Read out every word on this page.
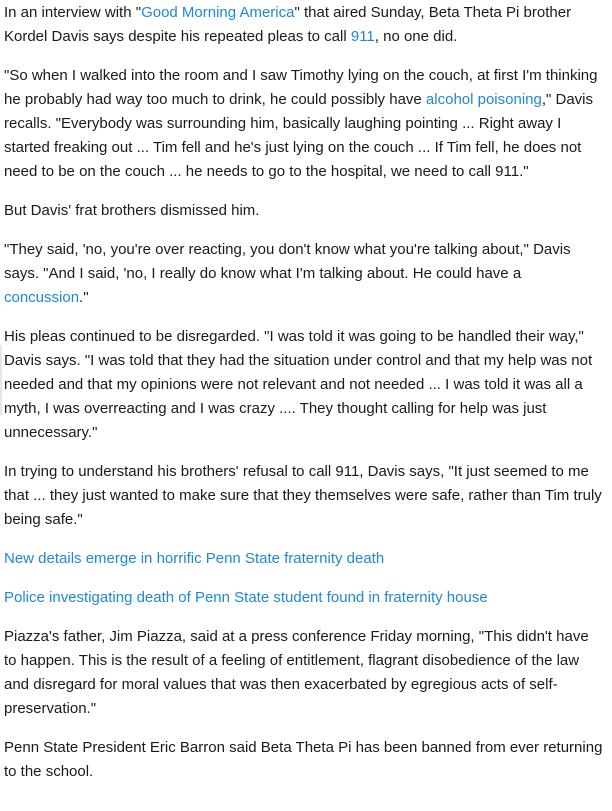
In an interview with "Good Morning America" that aired Sunday, Beta Theta Pi brother Kordel Davis says despite his repeated pleas to call 911, no one did.

"So when I walked into the room and I saw Timothy lying on the couch, at first I'm thinking he probably had way too much to drink, he could possibly have alcohol poisoning," Davis recalls. "Everybody was surrounding him, basically laughing pointing ... Right away I started freaking out ... Tim fell and he's just lying on the couch ... If Tim fell, he does not need to be on the couch ... he needs to go to the hospital, we need to call 911."

But Davis' frat brothers dismissed him.

"They said, 'no, you're over reacting, you don't know what you're talking about," Davis says. "And I said, 'no, I really do know what I'm talking about. He could have a concussion."

His pleas continued to be disregarded. "I was told it was going to be handled their way," Davis says. "I was told that they had the situation under control and that my help was not needed and that my opinions were not relevant and not needed ... I was told it was all a myth, I was overreacting and I was crazy .... They thought calling for help was just unnecessary."

In trying to understand his brothers' refusal to call 911, Davis says, "It just seemed to me that ... they just wanted to make sure that they themselves were safe, rather than Tim truly being safe."

New details emerge in horrific Penn State fraternity death

Police investigating death of Penn State student found in fraternity house

Piazza's father, Jim Piazza, said at a press conference Friday morning, "This didn't have to happen. This is the result of a feeling of entitlement, flagrant disobedience of the law and disregard for moral values that was then exacerbated by egregious acts of self-preservation."

Penn State President Eric Barron said Beta Theta Pi has been banned from ever returning to the school.
